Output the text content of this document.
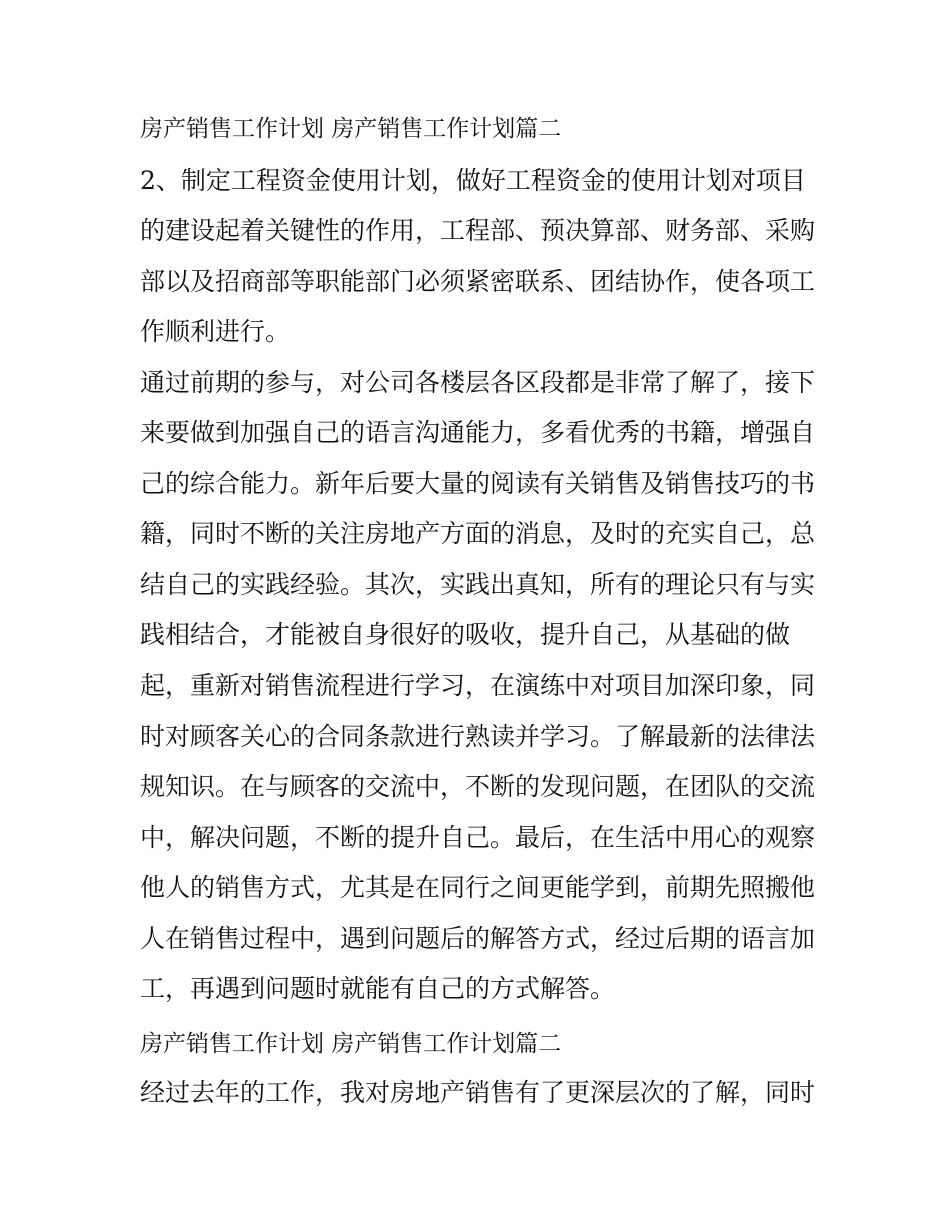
房产销售工作计划 房产销售工作计划篇二
2、制定工程资金使用计划，做好工程资金的使用计划对项目
的建设起着关键性的作用，工程部、预决算部、财务部、采购
部以及招商部等职能部门必须紧密联系、团结协作，使各项工
作顺利进行。
通过前期的参与，对公司各楼层各区段都是非常了解了，接下
来要做到加强自己的语言沟通能力，多看优秀的书籍，增强自
己的综合能力。新年后要大量的阅读有关销售及销售技巧的书
籍，同时不断的关注房地产方面的消息，及时的充实自己，总
结自己的实践经验。其次，实践出真知，所有的理论只有与实
践相结合，才能被自身很好的吸收，提升自己，从基础的做
起，重新对销售流程进行学习，在演练中对项目加深印象，同
时对顾客关心的合同条款进行熟读并学习。了解最新的法律法
规知识。在与顾客的交流中，不断的发现问题，在团队的交流
中，解决问题，不断的提升自己。最后，在生活中用心的观察
他人的销售方式，尤其是在同行之间更能学到，前期先照搬他
人在销售过程中，遇到问题后的解答方式，经过后期的语言加
工，再遇到问题时就能有自己的方式解答。
房产销售工作计划 房产销售工作计划篇二
经过去年的工作，我对房地产销售有了更深层次的了解，同时
